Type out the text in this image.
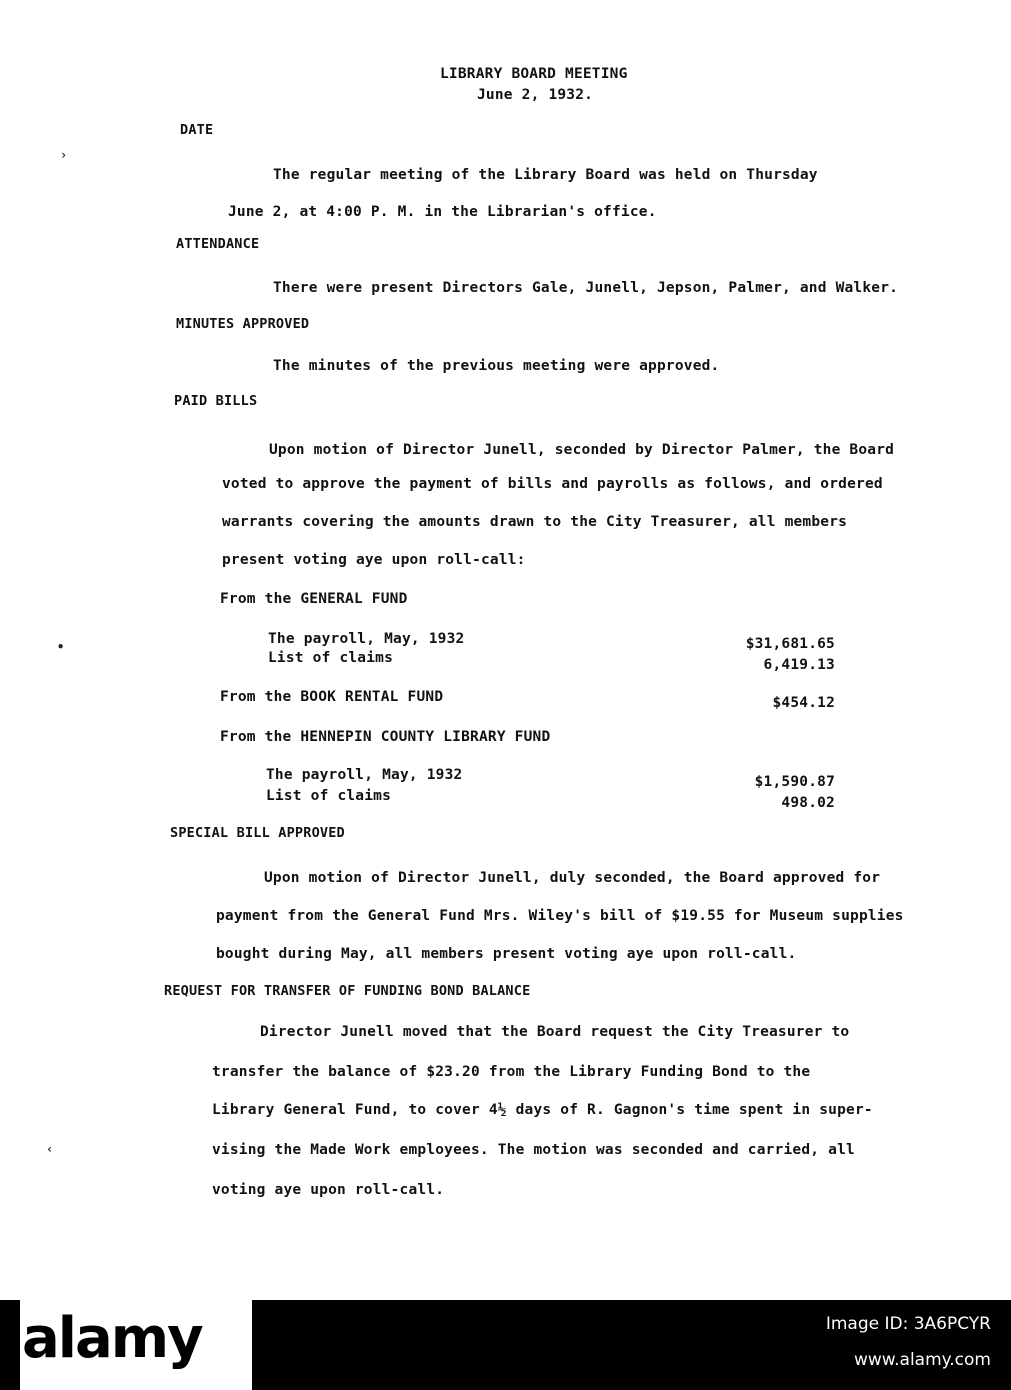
LIBRARY BOARD MEETING
June 2, 1932.
›
•
‹
DATE
The regular meeting of the Library Board was held on Thursday
June 2, at 4:00 P. M. in the Librarian's office.
ATTENDANCE
There were present Directors Gale, Junell, Jepson, Palmer, and Walker.
MINUTES APPROVED
The minutes of the previous meeting were approved.
PAID BILLS
Upon motion of Director Junell, seconded by Director Palmer, the Board
voted to approve the payment of bills and payrolls as follows, and ordered
warrants covering the amounts drawn to the City Treasurer, all members
present voting aye upon roll-call:
From the GENERAL FUND
The payroll, May, 1932	$31,681.65
List of claims	6,419.13
From the BOOK RENTAL FUND	$454.12
From the HENNEPIN COUNTY LIBRARY FUND
The payroll, May, 1932	$1,590.87
List of claims	498.02
SPECIAL BILL APPROVED
Upon motion of Director Junell, duly seconded, the Board approved for
payment from the General Fund Mrs. Wiley's bill of $19.55 for Museum supplies
bought during May, all members present voting aye upon roll-call.
REQUEST FOR TRANSFER OF FUNDING BOND BALANCE
Director Junell moved that the Board request the City Treasurer to
transfer the balance of $23.20 from the Library Funding Bond to the
Library General Fund, to cover 4½ days of R. Gagnon's time spent in super-
vising the Made Work employees. The motion was seconded and carried, all
voting aye upon roll-call.
alamy	Image ID: 3A6PCYR
www.alamy.com
